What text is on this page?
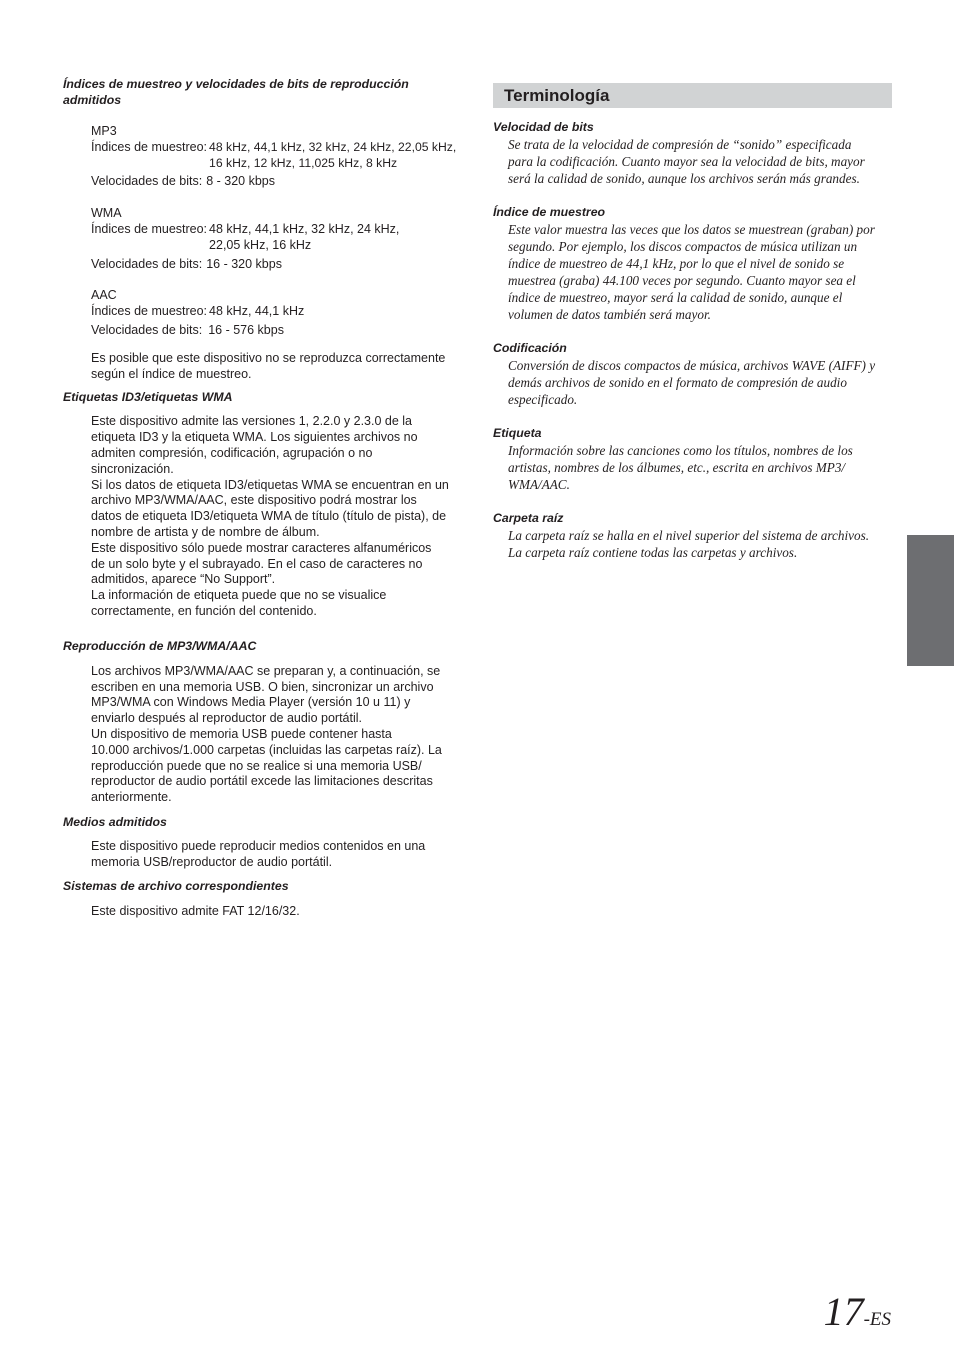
Índices de muestreo y velocidades de bits de reproducción admitidos

MP3

Índices de muestreo: 48 kHz, 44,1 kHz, 32 kHz, 24 kHz, 22,05 kHz,
16 kHz, 12 kHz, 11,025 kHz, 8 kHz
Velocidades de bits: 8 - 320 kbps

WMA

Índices de muestreo: 48 kHz, 44,1 kHz, 32 kHz, 24 kHz,
22,05 kHz, 16 kHz
Velocidades de bits: 16 - 320 kbps

AAC

Índices de muestreo: 48 kHz, 44,1 kHz
Velocidades de bits: 16 - 576 kbps

Es posible que este dispositivo no se reproduzca correctamente
según el índice de muestreo.

Etiquetas ID3/etiquetas WMA

Este dispositivo admite las versiones 1, 2.2.0 y 2.3.0 de la
etiqueta ID3 y la etiqueta WMA. Los siguientes archivos no
admiten compresión, codificación, agrupación o no
sincronización.
Si los datos de etiqueta ID3/etiquetas WMA se encuentran en un
archivo MP3/WMA/AAC, este dispositivo podrá mostrar los
datos de etiqueta ID3/etiqueta WMA de título (título de pista), de
nombre de artista y de nombre de álbum.
Este dispositivo sólo puede mostrar caracteres alfanuméricos
de un solo byte y el subrayado. En el caso de caracteres no
admitidos, aparece “No Support”.
La información de etiqueta puede que no se visualice
correctamente, en función del contenido.

Reproducción de MP3/WMA/AAC

Los archivos MP3/WMA/AAC se preparan y, a continuación, se
escriben en una memoria USB. O bien, sincronizar un archivo
MP3/WMA con Windows Media Player (versión 10 u 11) y
enviarlo después al reproductor de audio portátil.
Un dispositivo de memoria USB puede contener hasta
10.000 archivos/1.000 carpetas (incluidas las carpetas raíz). La
reproducción puede que no se realice si una memoria USB/
reproductor de audio portátil excede las limitaciones descritas
anteriormente.

Medios admitidos

Este dispositivo puede reproducir medios contenidos en una
memoria USB/reproductor de audio portátil.

Sistemas de archivo correspondientes

Este dispositivo admite FAT 12/16/32.

Terminología

Velocidad de bits

Se trata de la velocidad de compresión de “sonido” especificada
para la codificación. Cuanto mayor sea la velocidad de bits, mayor
será la calidad de sonido, aunque los archivos serán más grandes.

Índice de muestreo

Este valor muestra las veces que los datos se muestrean (graban) por
segundo. Por ejemplo, los discos compactos de música utilizan un
índice de muestreo de 44,1 kHz, por lo que el nivel de sonido se
muestrea (graba) 44.100 veces por segundo. Cuanto mayor sea el
índice de muestreo, mayor será la calidad de sonido, aunque el
volumen de datos también será mayor.

Codificación

Conversión de discos compactos de música, archivos WAVE (AIFF) y
demás archivos de sonido en el formato de compresión de audio
especificado.

Etiqueta

Información sobre las canciones como los títulos, nombres de los
artistas, nombres de los álbumes, etc., escrita en archivos MP3/
WMA/AAC.

Carpeta raíz

La carpeta raíz se halla en el nivel superior del sistema de archivos.
La carpeta raíz contiene todas las carpetas y archivos.

17-ES
